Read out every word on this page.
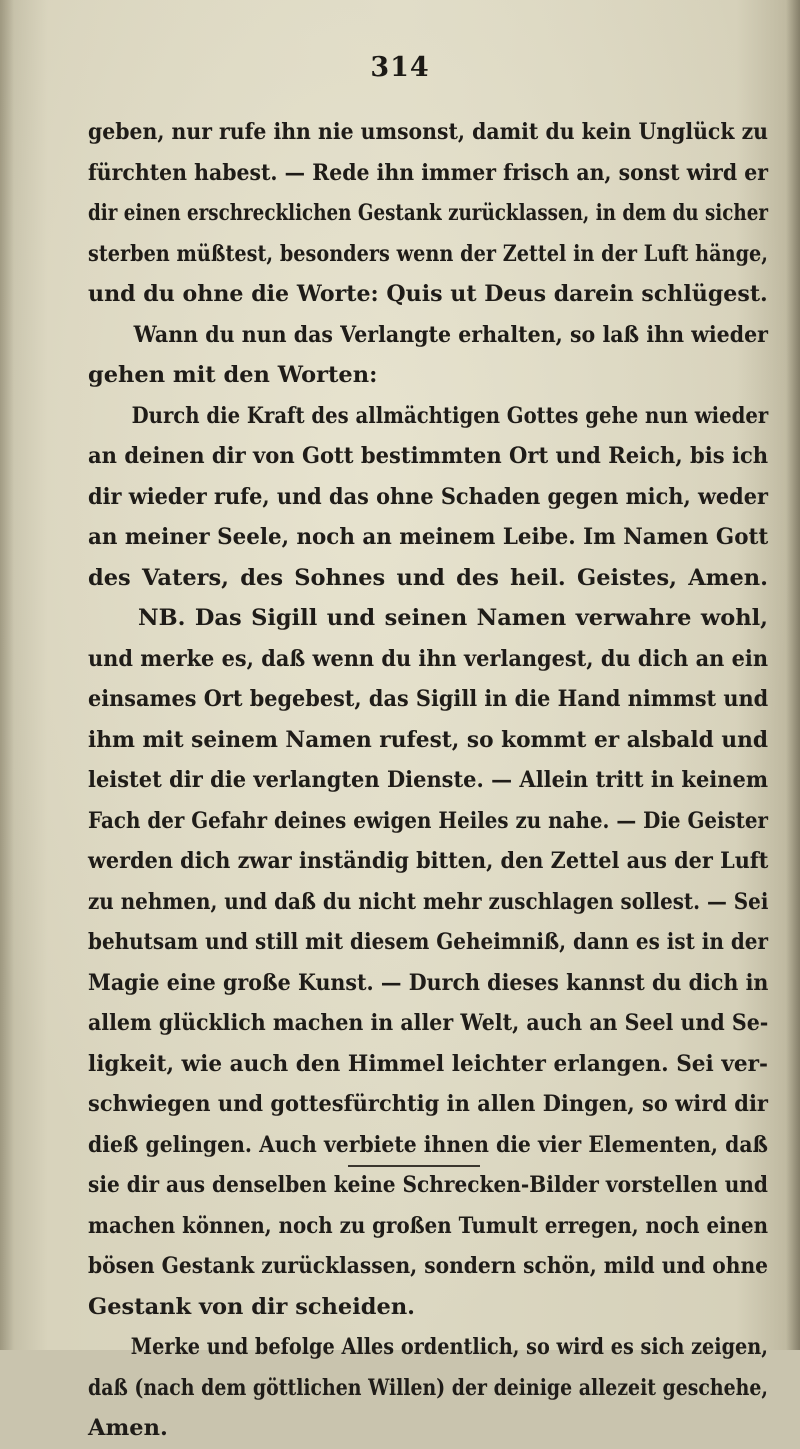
314
geben, nur rufe ihn nie umsonst, damit du kein Unglück zu
fürchten habest. — Rede ihn immer frisch an, sonst wird er
dir einen erschrecklichen Gestank zurücklassen, in dem du sicher
sterben müßtest, besonders wenn der Zettel in der Luft hänge,
und du ohne die Worte: Quis ut Deus darein schlügest.
Wann du nun das Verlangte erhalten, so laß ihn wieder
gehen mit den Worten:
Durch die Kraft des allmächtigen Gottes gehe nun wieder
an deinen dir von Gott bestimmten Ort und Reich, bis ich
dir wieder rufe, und das ohne Schaden gegen mich, weder
an meiner Seele, noch an meinem Leibe. Im Namen Gott
des Vaters, des Sohnes und des heil. Geistes, Amen.
NB. Das Sigill und seinen Namen verwahre wohl,
und merke es, daß wenn du ihn verlangest, du dich an ein
einsames Ort begebest, das Sigill in die Hand nimmst und
ihm mit seinem Namen rufest, so kommt er alsbald und
leistet dir die verlangten Dienste. — Allein tritt in keinem
Fach der Gefahr deines ewigen Heiles zu nahe. — Die Geister
werden dich zwar inständig bitten, den Zettel aus der Luft
zu nehmen, und daß du nicht mehr zuschlagen sollest. — Sei
behutsam und still mit diesem Geheimniß, dann es ist in der
Magie eine große Kunst. — Durch dieses kannst du dich in
allem glücklich machen in aller Welt, auch an Seel und Se-
ligkeit, wie auch den Himmel leichter erlangen. Sei ver-
schwiegen und gottesfürchtig in allen Dingen, so wird dir
dieß gelingen. Auch verbiete ihnen die vier Elementen, daß
sie dir aus denselben keine Schrecken-Bilder vorstellen und
machen können, noch zu großen Tumult erregen, noch einen
bösen Gestank zurücklassen, sondern schön, mild und ohne
Gestank von dir scheiden.
Merke und befolge Alles ordentlich, so wird es sich zeigen,
daß (nach dem göttlichen Willen) der deinige allezeit geschehe,
Amen.
